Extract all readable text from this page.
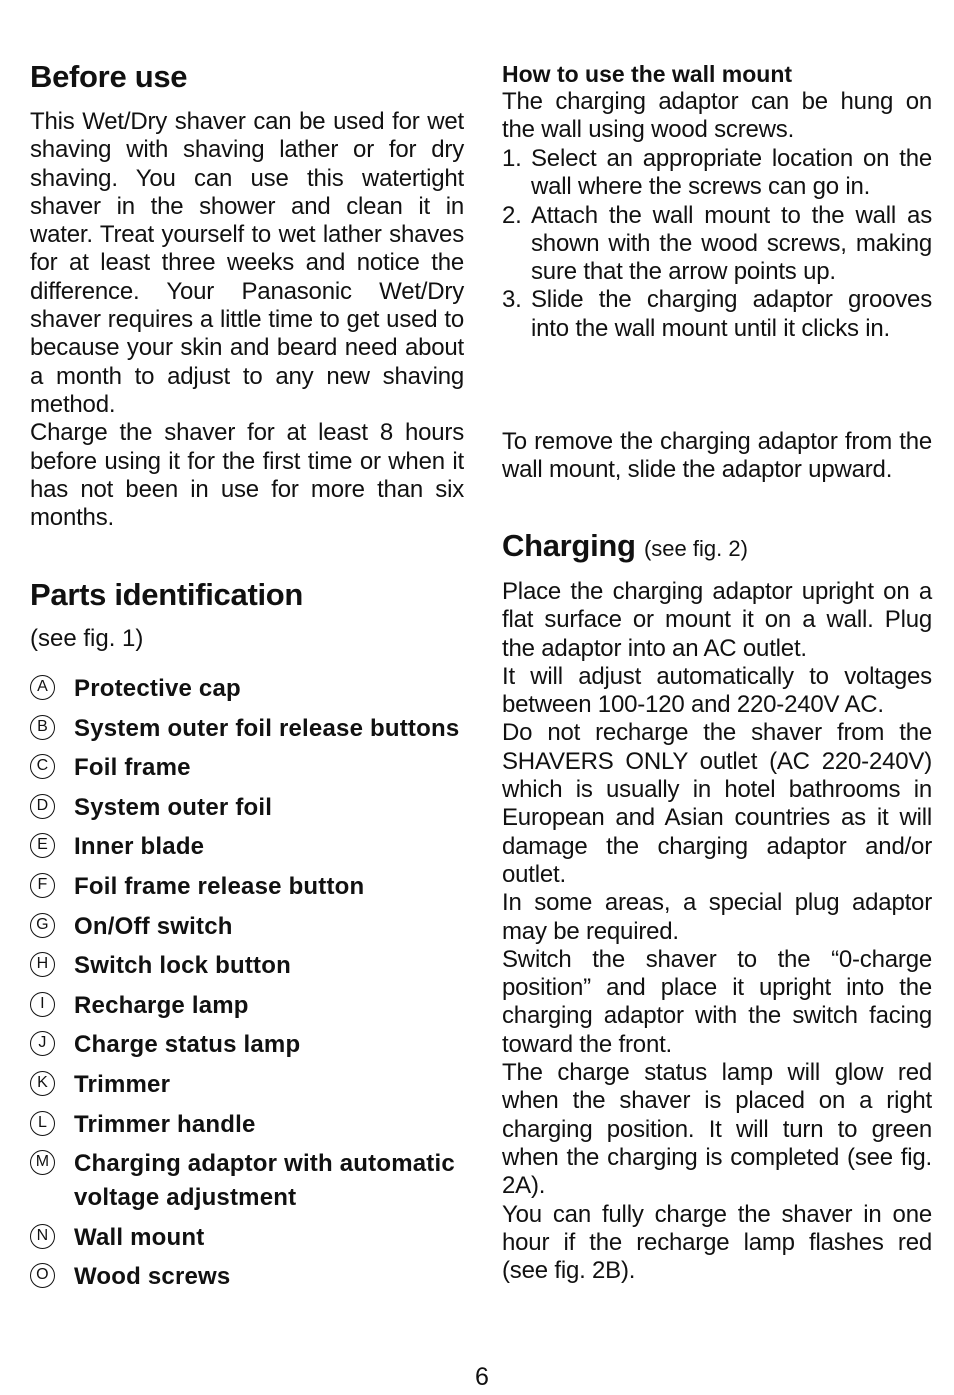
Before use

This Wet/Dry shaver can be used for wet shaving with shaving lather or for dry shaving. You can use this watertight shaver in the shower and clean it in water. Treat yourself to wet lather shaves for at least three weeks and notice the difference. Your Panasonic Wet/Dry shaver requires a little time to get used to because your skin and beard need about a month to adjust to any new shaving method.

Charge the shaver for at least 8 hours before using it for the first time or when it has not been in use for more than six months.

Parts identification
(see fig. 1)
A Protective cap
B System outer foil release buttons
C Foil frame
D System outer foil
E Inner blade
F	Foil frame release button
G On/Off switch
H Switch lock button
I	Recharge lamp
J	Charge status lamp
K Trimmer
L	Trimmer handle
M Charging adaptor with automatic voltage adjustment
N Wall mount
O Wood screws
How to use the wall mount

The charging adaptor can be hung on the wall using wood screws.

1. Select an appropriate location on the wall where the screws can go in.
2. Attach the wall mount to the wall as shown with the wood screws, making sure that the arrow points up.
3. Slide the charging adaptor grooves into the wall mount until it clicks in.

To remove the charging adaptor from the wall mount, slide the adaptor upward.

Charging (see fig. 2)

Place the charging adaptor upright on a flat surface or mount it on a wall. Plug the adaptor into an AC outlet.

It will adjust automatically to voltages between 100-120 and 220-240V AC.

Do not recharge the shaver from the SHAVERS ONLY outlet (AC 220-240V) which is usually in hotel bathrooms in European and Asian countries as it will damage the charging adaptor and/or outlet.

In some areas, a special plug adaptor may be required.

Switch the shaver to the “0-charge position” and place it upright into the charging adaptor with the switch facing toward the front.

The charge status lamp will glow red when the shaver is placed on a right charging position. It will turn to green when the charging is completed (see fig. 2A).

You can fully charge the shaver in one hour if the recharge lamp flashes red (see fig. 2B).

6
